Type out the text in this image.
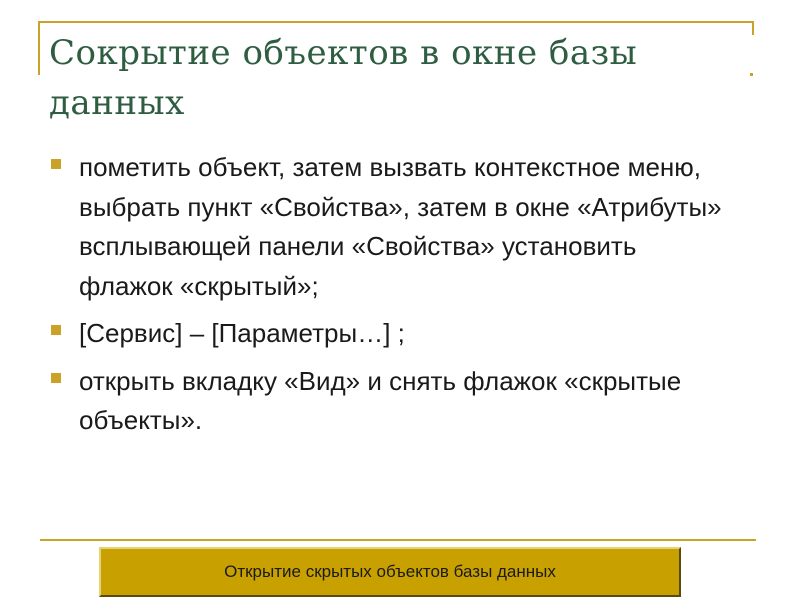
Сокрытие объектов в окне базы данных
пометить объект, затем вызвать контекстное меню, выбрать пункт «Свойства», затем в окне «Атрибуты» всплывающей панели «Свойства» установить флажок «скрытый»;
[Сервис] – [Параметры…] ;
открыть вкладку «Вид» и снять флажок «скрытые объекты».
Открытие скрытых объектов базы данных
